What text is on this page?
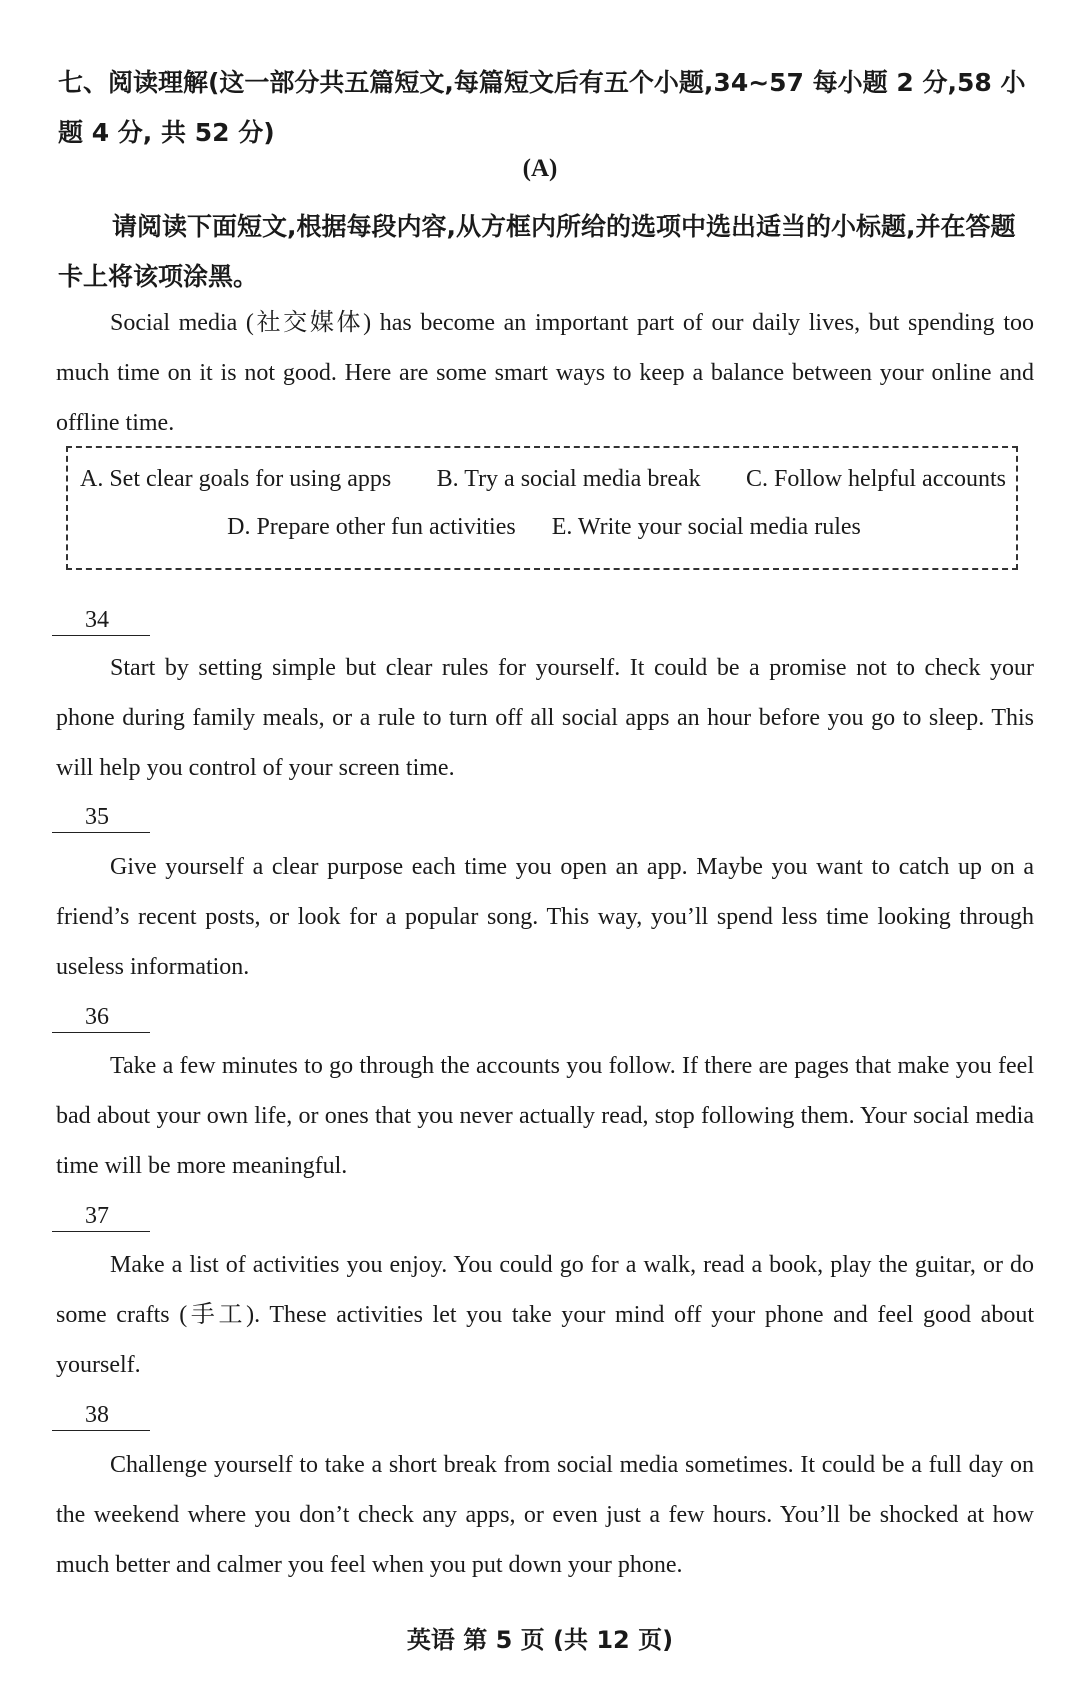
七、阅读理解(这一部分共五篇短文,每篇短文后有五个小题,34~57 每小题 2 分,58 小题 4 分, 共 52 分)
(A)
请阅读下面短文,根据每段内容,从方框内所给的选项中选出适当的小标题,并在答题卡上将该项涂黑。
Social media (社交媒体) has become an important part of our daily lives, but spending too much time on it is not good. Here are some smart ways to keep a balance between your online and offline time.
A. Set clear goals for using apps B. Try a social media break C. Follow helpful accounts
D. Prepare other fun activities E. Write your social media rules
34
Start by setting simple but clear rules for yourself. It could be a promise not to check your phone during family meals, or a rule to turn off all social apps an hour before you go to sleep. This will help you control of your screen time.
35
Give yourself a clear purpose each time you open an app. Maybe you want to catch up on a friend’s recent posts, or look for a popular song. This way, you’ll spend less time looking through useless information.
36
Take a few minutes to go through the accounts you follow. If there are pages that make you feel bad about your own life, or ones that you never actually read, stop following them. Your social media time will be more meaningful.
37
Make a list of activities you enjoy. You could go for a walk, read a book, play the guitar, or do some crafts (手工). These activities let you take your mind off your phone and feel good about yourself.
38
Challenge yourself to take a short break from social media sometimes. It could be a full day on the weekend where you don’t check any apps, or even just a few hours. You’ll be shocked at how much better and calmer you feel when you put down your phone.
英语 第 5 页 (共 12 页)
